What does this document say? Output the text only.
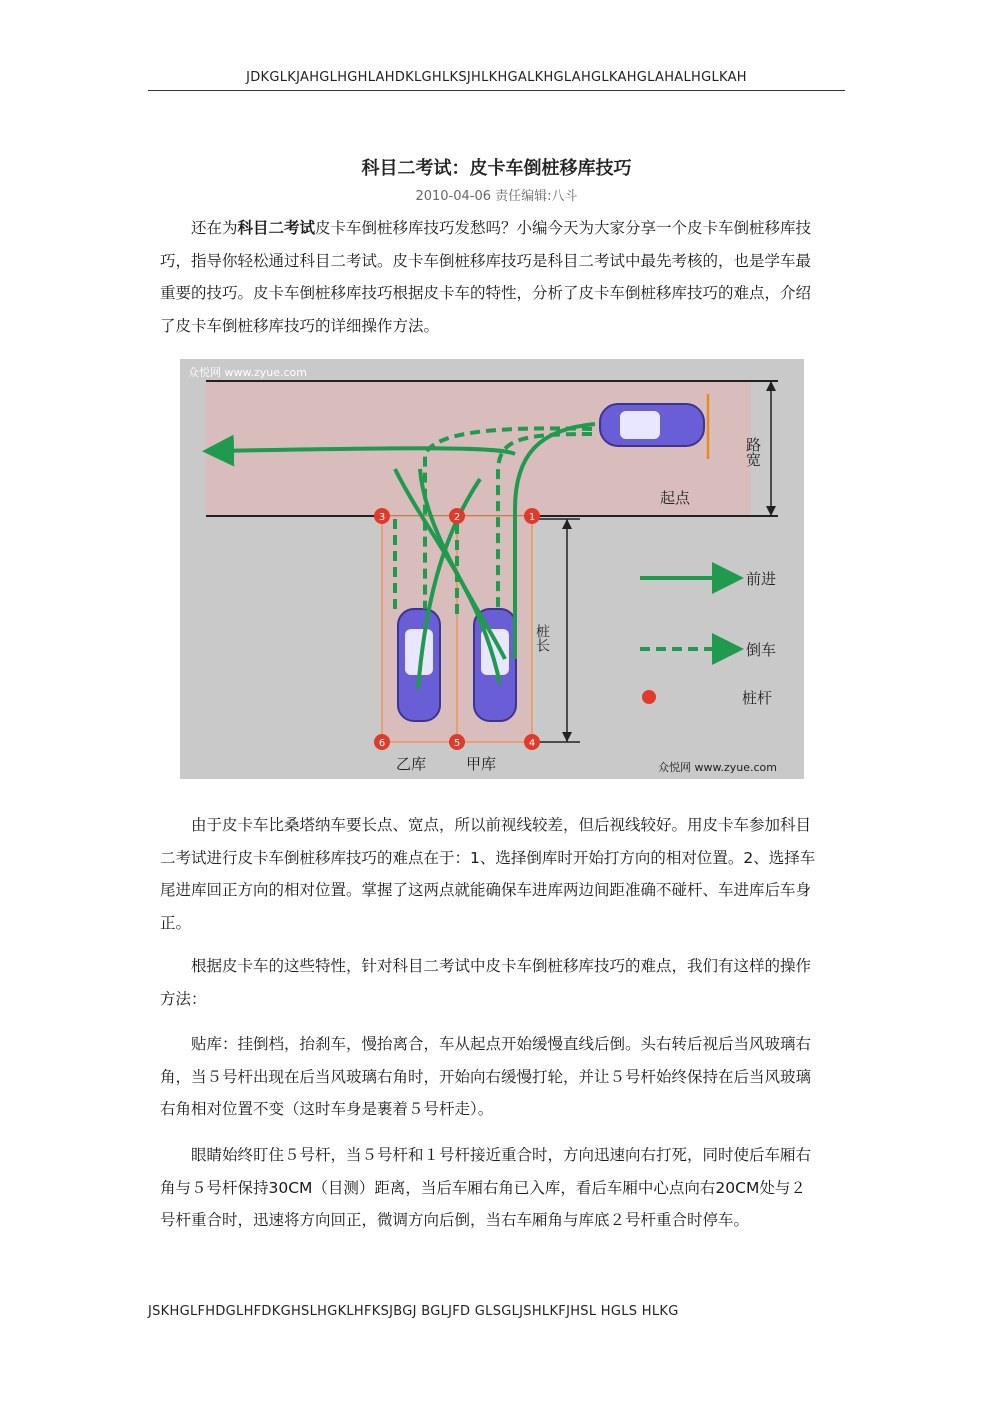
JDKGLKJAHGLHGHLAHDKLGHLKSJHLKHGALKHGLAHGLKAHGLAHALHGLKAH
科目二考试：皮卡车倒桩移库技巧
2010-04-06 责任编辑:八斗

还在为科目二考试皮卡车倒桩移库技巧发愁吗？小编今天为大家分享一个皮卡车倒桩移库技巧，指导你轻松通过科目二考试。皮卡车倒桩移库技巧是科目二考试中最先考核的，也是学车最重要的技巧。皮卡车倒桩移库技巧根据皮卡车的特性，分析了皮卡车倒桩移库技巧的难点，介绍了皮卡车倒桩移库技巧的详细操作方法。

1
2
3
4
5
6
众悦网 www.zyue.com
众悦网 www.zyue.com
路宽
起点
桩长
乙库	甲库
前进
倒车
桩杆

由于皮卡车比桑塔纳车要长点、宽点，所以前视线较差，但后视线较好。用皮卡车参加科目二考试进行皮卡车倒桩移库技巧的难点在于：1、选择倒库时开始打方向的相对位置。2、选择车尾进库回正方向的相对位置。掌握了这两点就能确保车进库两边间距准确不碰杆、车进库后车身正。

根据皮卡车的这些特性，针对科目二考试中皮卡车倒桩移库技巧的难点，我们有这样的操作方法：

贴库：挂倒档，抬刹车，慢抬离合，车从起点开始缓慢直线后倒。头右转后视后当风玻璃右角，当５号杆出现在后当风玻璃右角时，开始向右缓慢打轮，并让５号杆始终保持在后当风玻璃右角相对位置不变（这时车身是裹着５号杆走）。

眼睛始终盯住５号杆，当５号杆和１号杆接近重合时，方向迅速向右打死，同时使后车厢右角与５号杆保持30CM（目测）距离，当后车厢右角已入库，看后车厢中心点向右20CM处与２号杆重合时，迅速将方向回正，微调方向后倒，当右车厢角与库底２号杆重合时停车。

JSKHGLFHDGLHFDKGHSLHGKLHFKSJBGJ BGLJFD GLSGLJSHLKFJHSL HGLS HLKG
